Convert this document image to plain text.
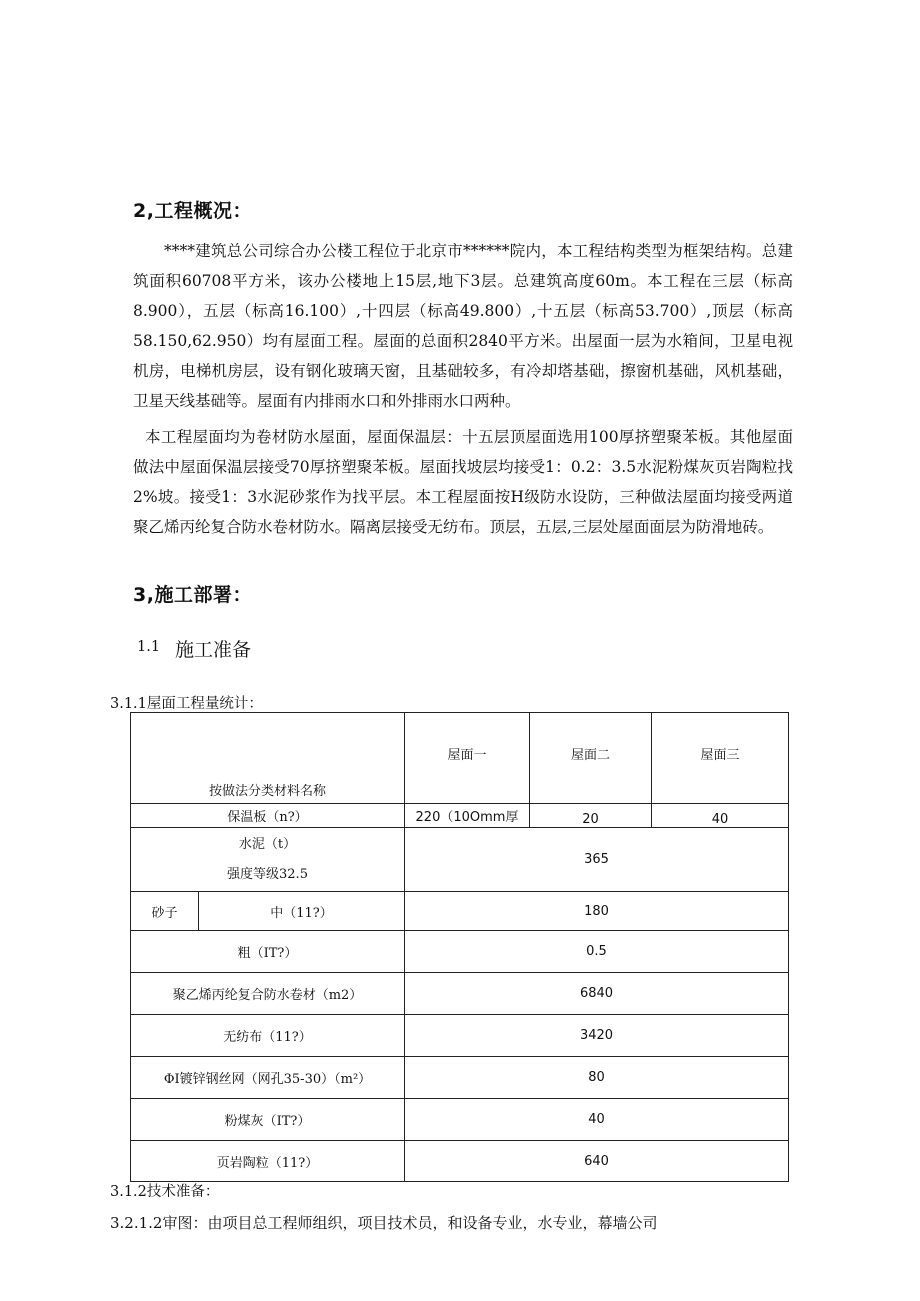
2,工程概况：
****建筑总公司综合办公楼工程位于北京市******院内，本工程结构类型为框架结构。总建筑面积60708平方米，该办公楼地上15层,地下3层。总建筑高度60m。本工程在三层（标高8.900），五层（标高16.100）,十四层（标高49.800）,十五层（标高53.700）,顶层（标高58.150,62.950）均有屋面工程。屋面的总面积2840平方米。出屋面一层为水箱间，卫星电视机房，电梯机房层，设有钢化玻璃天窗，且基础较多，有冷却塔基础，擦窗机基础，风机基础，卫星天线基础等。屋面有内排雨水口和外排雨水口两种。
本工程屋面均为卷材防水屋面，屋面保温层：十五层顶屋面选用100厚挤塑聚苯板。其他屋面做法中屋面保温层接受70厚挤塑聚苯板。屋面找坡层均接受1：0.2：3.5水泥粉煤灰页岩陶粒找2%坡。接受1：3水泥砂浆作为找平层。本工程屋面按H级防水设防，三种做法屋面均接受两道聚乙烯丙纶复合防水卷材防水。隔离层接受无纺布。顶层，五层,三层处屋面面层为防滑地砖。
3,施工部署：
1.1 施工准备
3.1.1屋面工程量统计：
按做法分类材料名称		屋面一	屋面二	屋面三

保温板（n?）		220（10Omm厚	20	40

水泥（t）
强度等级32.5		365		
砂子	中（11?）	180		
粗（IT?）		0.5		
聚乙烯丙纶复合防水卷材（m2）		6840		
无纺布（11?）		3420		
ΦI镀锌钢丝网（网孔35-30）（m²）		80		
粉煤灰（IT?）		40		
页岩陶粒（11?）		640		
3.1.2技术准备：
3.2.1.2审图：由项目总工程师组织，项目技术员，和设备专业，水专业，幕墙公司
